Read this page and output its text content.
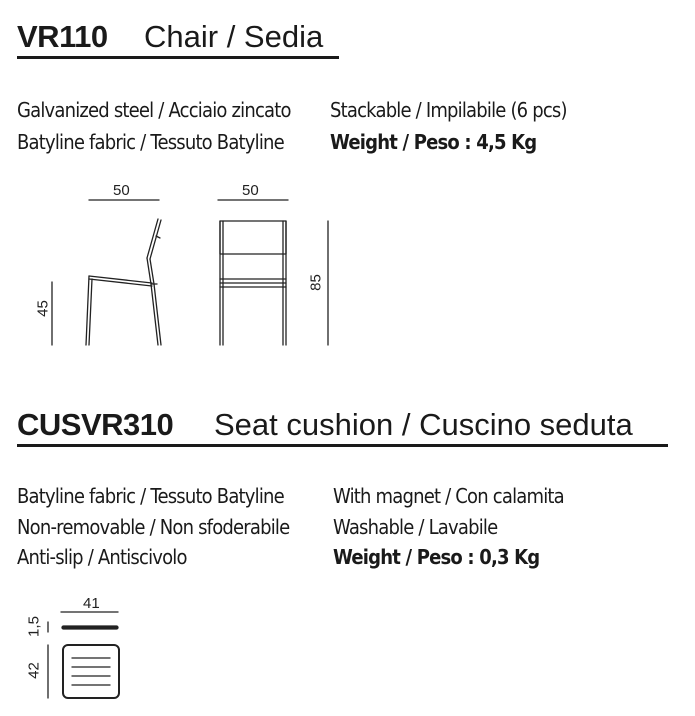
VR110 Chair / Sedia
Galvanized steel / Acciaio zincato
Batyline fabric / Tessuto Batyline
Stackable / Impilabile (6 pcs)
Weight / Peso : 4,5 Kg
50	50
45
85
CUSVR310 Seat cushion / Cuscino seduta
Batyline fabric / Tessuto Batyline
Non-removable / Non sfoderabile
Anti-slip / Antiscivolo
With magnet / Con calamita
Washable / Lavabile
Weight / Peso : 0,3 Kg
41
1,5
42
